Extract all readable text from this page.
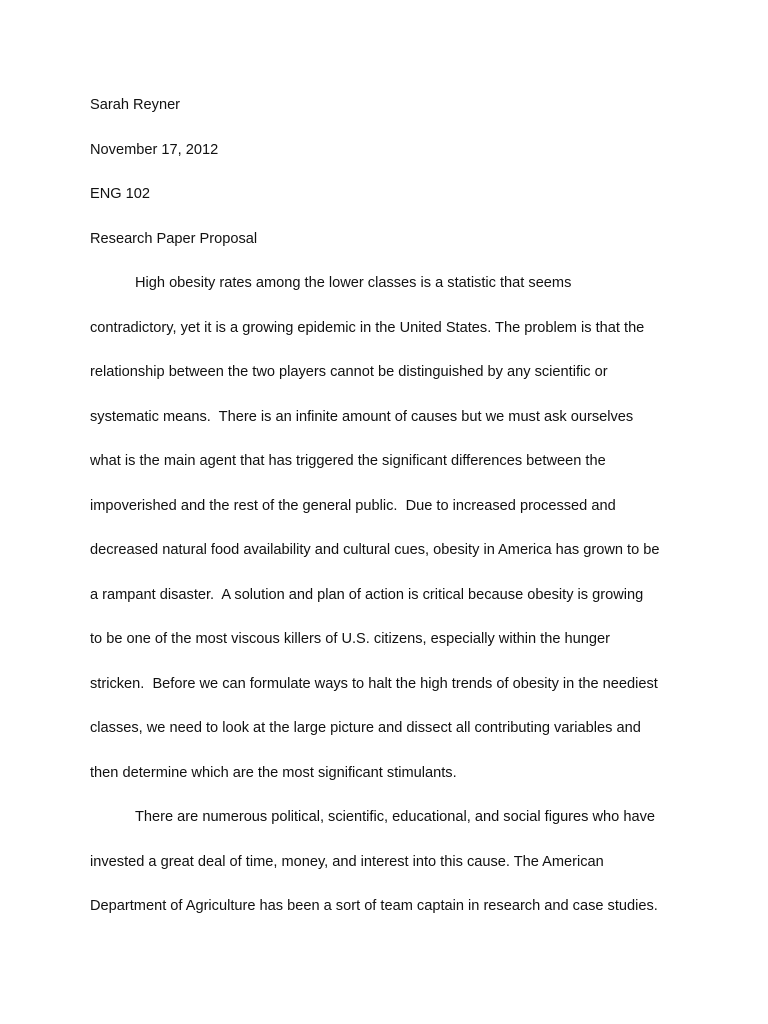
Sarah Reyner

November 17, 2012

ENG 102

Research Paper Proposal

High obesity rates among the lower classes is a statistic that seems

contradictory, yet it is a growing epidemic in the United States. The problem is that the

relationship between the two players cannot be distinguished by any scientific or

systematic means.  There is an infinite amount of causes but we must ask ourselves

what is the main agent that has triggered the significant differences between the

impoverished and the rest of the general public.  Due to increased processed and

decreased natural food availability and cultural cues, obesity in America has grown to be

a rampant disaster.  A solution and plan of action is critical because obesity is growing

to be one of the most viscous killers of U.S. citizens, especially within the hunger

stricken.  Before we can formulate ways to halt the high trends of obesity in the neediest

classes, we need to look at the large picture and dissect all contributing variables and

then determine which are the most significant stimulants.

There are numerous political, scientific, educational, and social figures who have

invested a great deal of time, money, and interest into this cause. The American

Department of Agriculture has been a sort of team captain in research and case studies.
